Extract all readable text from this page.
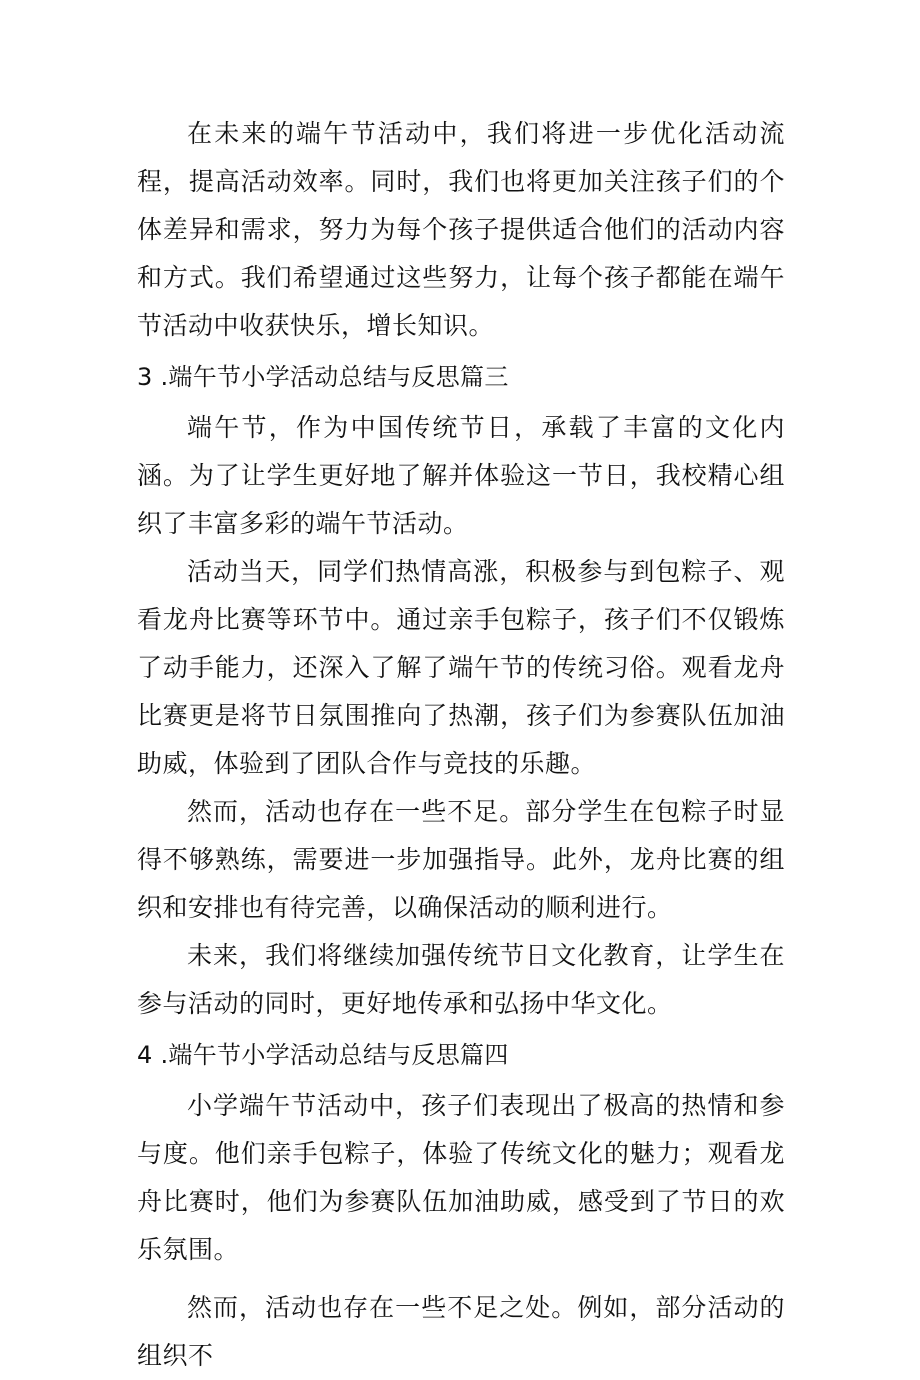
在未来的端午节活动中，我们将进一步优化活动流程，提高活动效率。同时，我们也将更加关注孩子们的个体差异和需求，努力为每个孩子提供适合他们的活动内容和方式。我们希望通过这些努力，让每个孩子都能在端午节活动中收获快乐，增长知识。

3 .端午节小学活动总结与反思篇三

端午节，作为中国传统节日，承载了丰富的文化内涵。为了让学生更好地了解并体验这一节日，我校精心组织了丰富多彩的端午节活动。

活动当天，同学们热情高涨，积极参与到包粽子、观看龙舟比赛等环节中。通过亲手包粽子，孩子们不仅锻炼了动手能力，还深入了解了端午节的传统习俗。观看龙舟比赛更是将节日氛围推向了热潮，孩子们为参赛队伍加油助威，体验到了团队合作与竞技的乐趣。

然而，活动也存在一些不足。部分学生在包粽子时显得不够熟练，需要进一步加强指导。此外，龙舟比赛的组织和安排也有待完善，以确保活动的顺利进行。

未来，我们将继续加强传统节日文化教育，让学生在参与活动的同时，更好地传承和弘扬中华文化。

4 .端午节小学活动总结与反思篇四

小学端午节活动中，孩子们表现出了极高的热情和参与度。他们亲手包粽子，体验了传统文化的魅力；观看龙舟比赛时，他们为参赛队伍加油助威，感受到了节日的欢乐氛围。

然而，活动也存在一些不足之处。例如，部分活动的组织不
